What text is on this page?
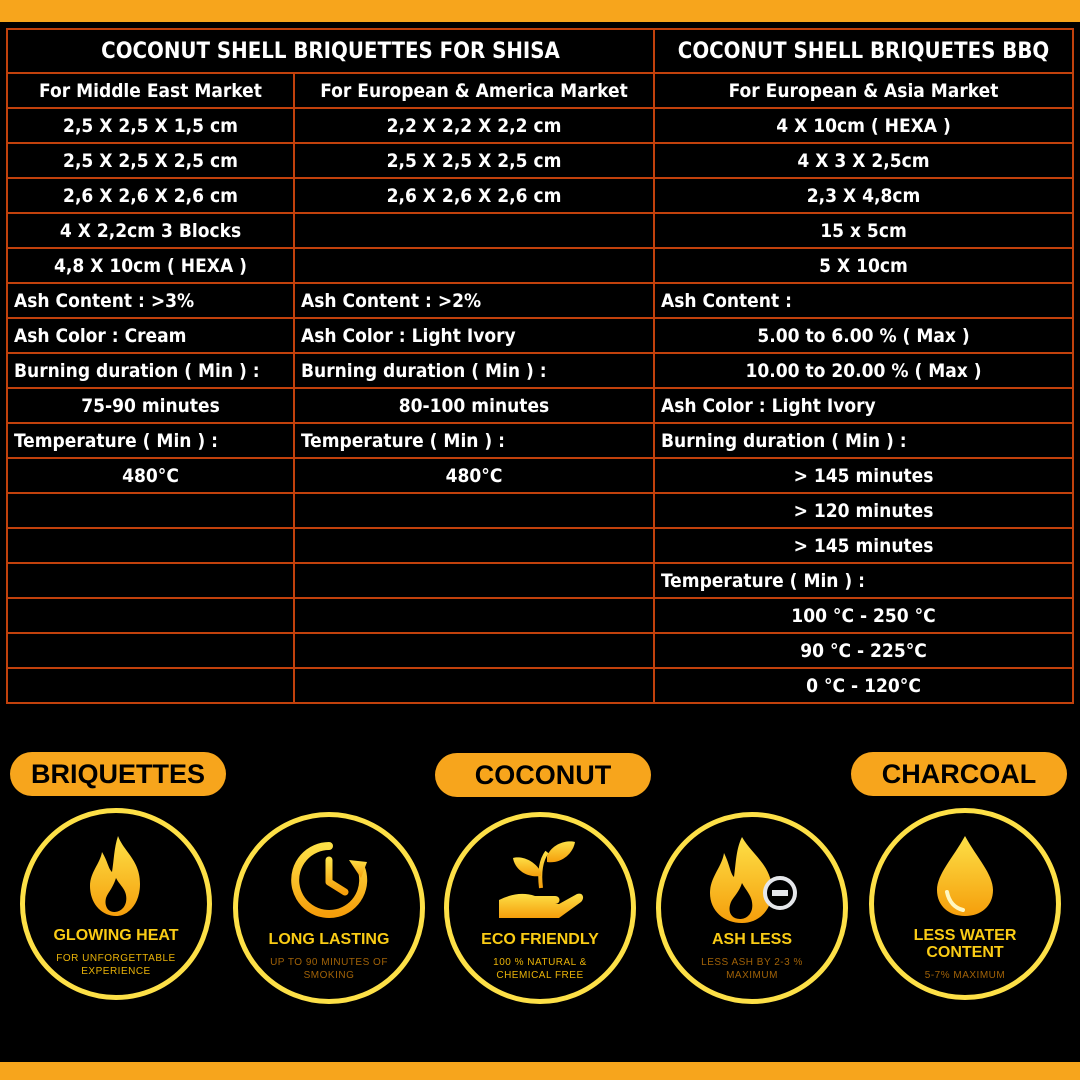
COCONUT SHELL BRIQUETTES FOR SHISA		COCONUT SHELL BRIQUETES BBQ
For Middle East Market	For European & America Market	For European & Asia Market
2,5 X 2,5 X 1,5 cm	2,2 X 2,2 X 2,2 cm	4 X 10cm ( HEXA )
2,5 X 2,5 X 2,5 cm	2,5 X 2,5 X 2,5 cm	4 X 3 X 2,5cm
2,6 X 2,6 X 2,6 cm	2,6 X 2,6 X 2,6 cm	2,3 X 4,8cm
4 X 2,2cm 3 Blocks		15 x 5cm
4,8 X 10cm ( HEXA )		5 X 10cm
Ash Content : >3%	Ash Content : >2%	Ash Content :
Ash Color : Cream	Ash Color : Light Ivory	5.00 to 6.00 % ( Max )
Burning duration ( Min ) :	Burning duration ( Min ) :	10.00 to 20.00 % ( Max )
75-90 minutes	80-100 minutes	Ash Color : Light Ivory
Temperature ( Min ) :	Temperature ( Min ) :	Burning duration ( Min ) :
480°C	480°C	> 145 minutes
		> 120 minutes
		> 145 minutes
		Temperature ( Min ) :
		100 °C - 250 °C
		90 °C - 225°C
		0 °C - 120°C
BRIQUETTES	COCONUT	CHARCOAL
GLOWING HEAT
FOR UNFORGETTABLE EXPERIENCE
LONG LASTING
UP TO 90 MINUTES OF SMOKING
ECO FRIENDLY
100 % NATURAL & CHEMICAL FREE
ASH LESS
LESS ASH BY 2-3 % MAXIMUM
LESS WATER CONTENT
5-7% MAXIMUM
